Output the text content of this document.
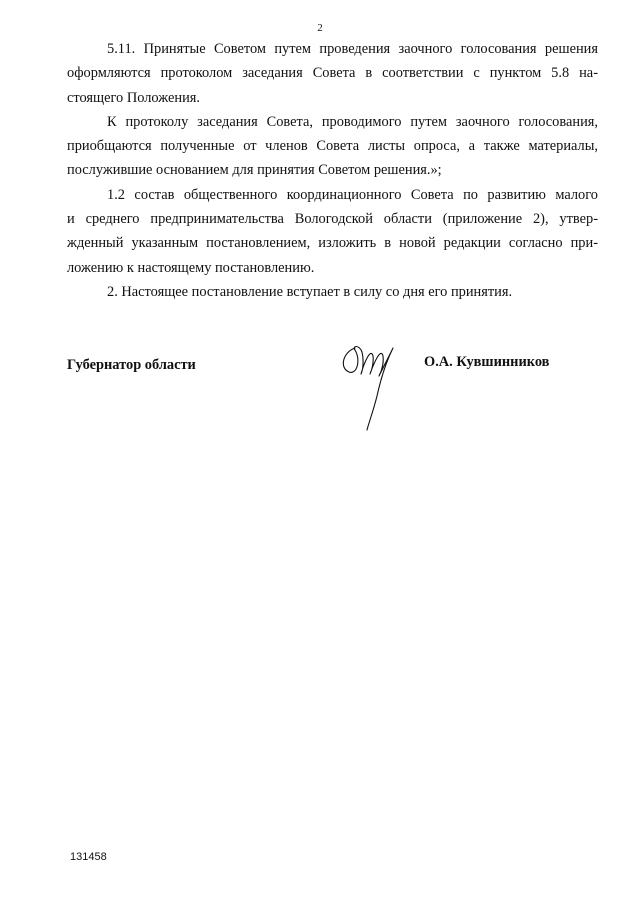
2

5.11. Принятые Советом путем проведения заочного голосования решения
оформляются протоколом заседания Совета в соответствии с пунктом 5.8 на-
стоящего Положения.

К протоколу заседания Совета, проводимого путем заочного голосования,
приобщаются полученные от членов Совета листы опроса, а также материалы,
послужившие основанием для принятия Советом решения.»;

1.2 состав общественного координационного Совета по развитию малого
и среднего предпринимательства Вологодской области (приложение 2), утвер-
жденный указанным постановлением, изложить в новой редакции согласно при-
ложению к настоящему постановлению.

2. Настоящее постановление вступает в силу со дня его принятия.

Губернатор области	О.А. Кувшинников
131458
